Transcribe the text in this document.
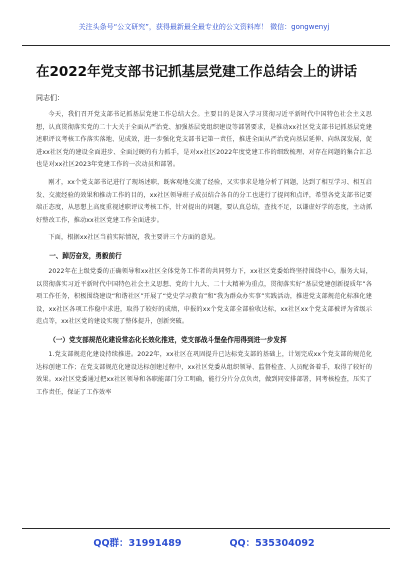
关注头条号“公文研究”，获得最新最全最专业的公文资料库！ 微信：gongwenyj
在2022年党支部书记抓基层党建工作总结会上的讲话
同志们：
今天，我们召开党支部书记抓基层党建工作总结大会。主要目的是深入学习贯彻习近平新时代中国特色社会主义思想，认真贯彻落实党的二十大关于全面从严治党、加强基层党组织建设等部署要求，是推动xx社区党支部书记抓基层党建述职评议考核工作落实落地、见成效，进一步强化党支部书记第一责任，推进全面从严治党向基层延伸、向纵深发展，促进xx社区党的建设全面进步、全面过硬的有力抓手，是对xx社区2022年度党建工作的细致梳理、对存在问题的集合汇总也是对xx社区2023年党建工作的一次动员和部署。
刚才，xx个党支部书记进行了现场述职，既客观地交流了经验，又实事求是地分析了问题，达到了相互学习、相互启发、交流经验的效果和推动工作的目的，xx社区领导班子成员结合各自的分工也进行了提问和点评，希望各党支部书记要端正态度，从思想上高度重视述职评议考核工作，针对提出的问题，要认真总结，查找不足，以谦虚好学的态度，主动抓好整改工作，推动xx社区党建工作全面进步。
下面，根据xx社区当前实际情况，我主要讲三个方面的意见。
一、踔厉奋发，勇毅前行
2022年在上级党委的正确领导和xx社区全体党务工作者的共同努力下，xx社区党委始终坚持围绕中心，服务大局，以贯彻落实习近平新时代中国特色社会主义思想、党的十九大、二十大精神为重点，贯彻落实好“基层党建创新提质年”各项工作任务，积极围绕建设“和谐社区”开展了“党史学习教育”和“我为群众办实事”实践活动，推进党支部规范化标准化建设，xx社区各项工作稳中求进，取得了较好的成绩，申报的xx个党支部全部验收达标，xx社区xx个党支部被评为省级示范点等，xx社区党的建设实现了整体提升，创新突破。
（一）党支部规范化建设常态化长效化推进，党支部战斗堡垒作用得到进一步发挥
1.党支部规范化建设持续推进。2022年，xx社区在巩固提升已达标党支部的基础上，计划完成xx个党支部的规范化达标创建工作；在党支部规范化建设达标创建过程中，xx社区党委从组织领导、监督检查、人员配备着手，取得了较好的效果。xx社区党委通过把xx社区领导和各职能部门分工明确，能行分片分点负责，做到同安排部署，同考核检查，压实了工作责任，保证了工作效率
QQ群：31991489	QQ：535304092
